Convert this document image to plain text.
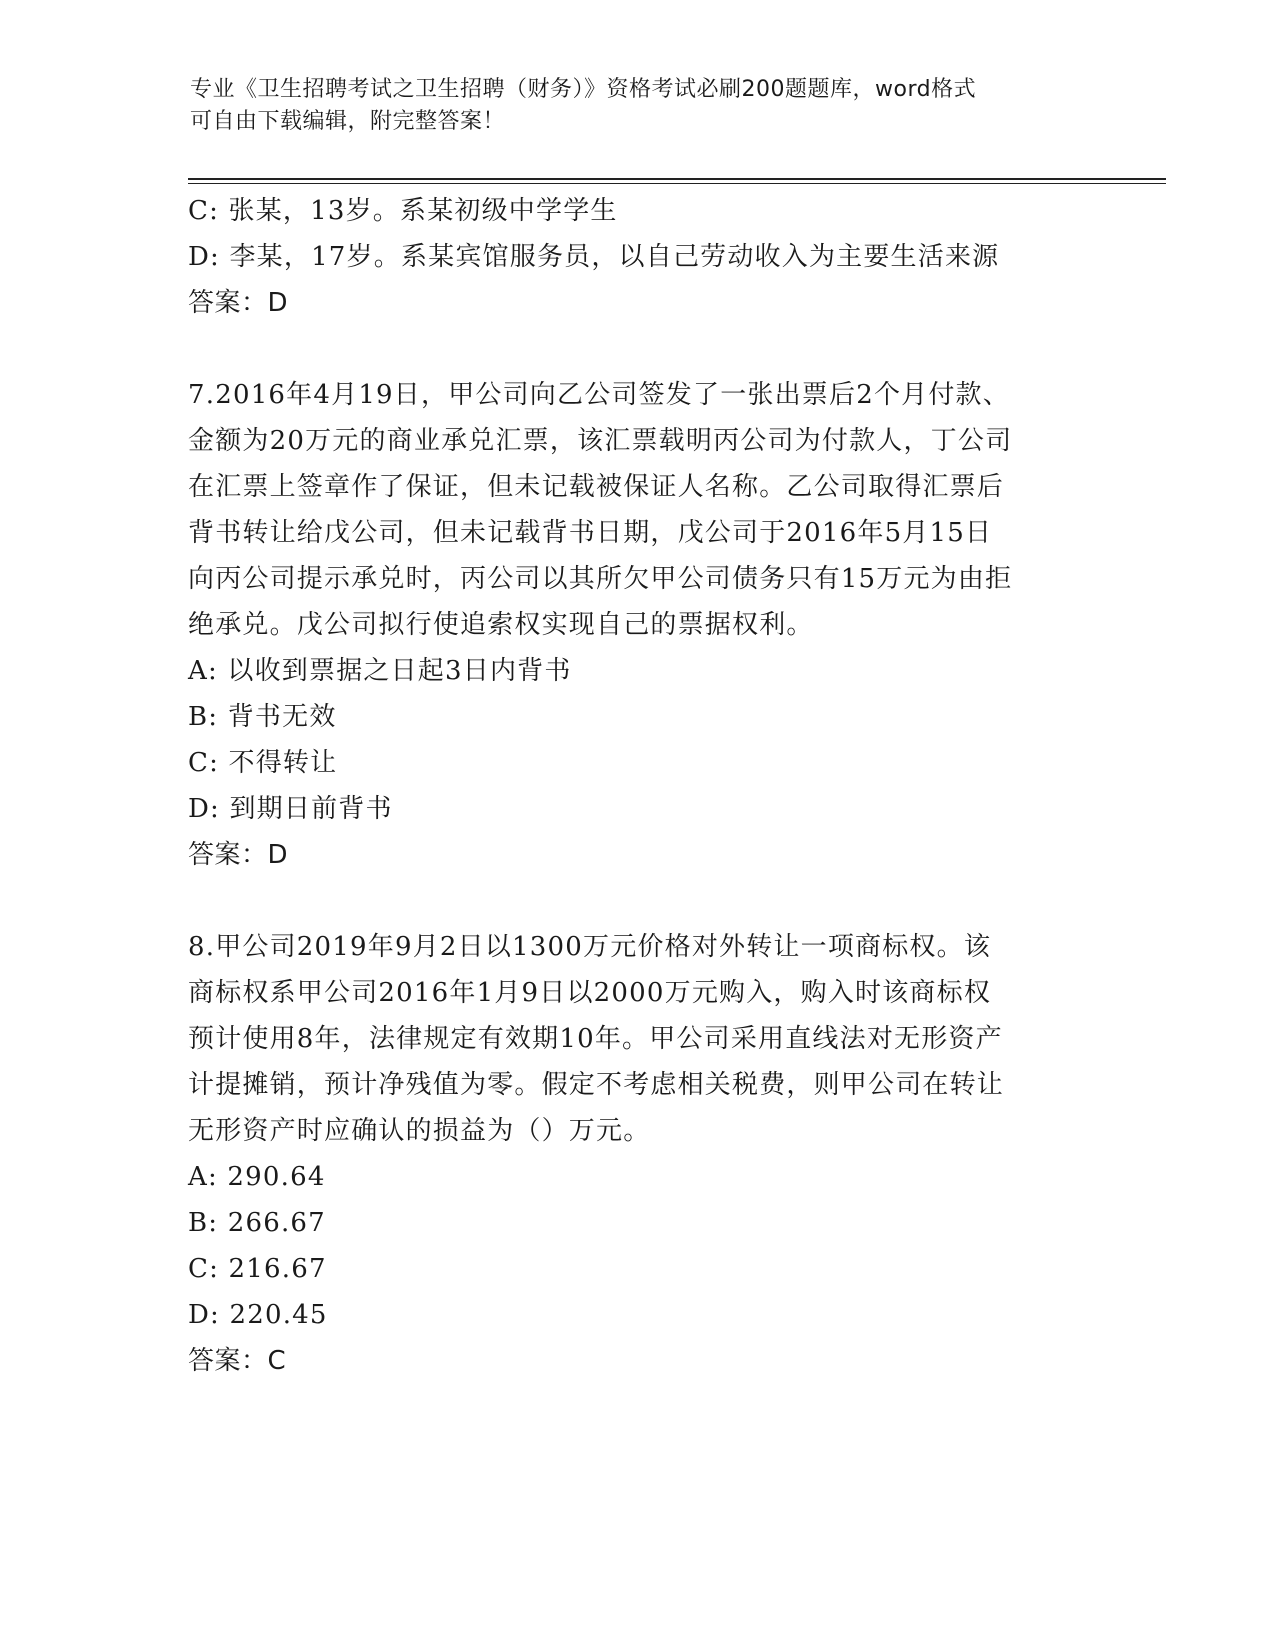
专业《卫生招聘考试之卫生招聘（财务）》资格考试必刷200题题库，word格式
可自由下载编辑，附完整答案！
C: 张某，13岁。系某初级中学学生
D: 李某，17岁。系某宾馆服务员，以自己劳动收入为主要生活来源
答案：D
7.2016年4月19日，甲公司向乙公司签发了一张出票后2个月付款、
金额为20万元的商业承兑汇票，该汇票载明丙公司为付款人，丁公司
在汇票上签章作了保证，但未记载被保证人名称。乙公司取得汇票后
背书转让给戊公司，但未记载背书日期，戊公司于2016年5月15日
向丙公司提示承兑时，丙公司以其所欠甲公司债务只有15万元为由拒
绝承兑。戊公司拟行使追索权实现自己的票据权利。
A: 以收到票据之日起3日内背书
B: 背书无效
C: 不得转让
D: 到期日前背书
答案：D
8.甲公司2019年9月2日以1300万元价格对外转让一项商标权。该
商标权系甲公司2016年1月9日以2000万元购入，购入时该商标权
预计使用8年，法律规定有效期10年。甲公司采用直线法对无形资产
计提摊销，预计净残值为零。假定不考虑相关税费，则甲公司在转让
无形资产时应确认的损益为（）万元。
A: 290.64
B: 266.67
C: 216.67
D: 220.45
答案：C
